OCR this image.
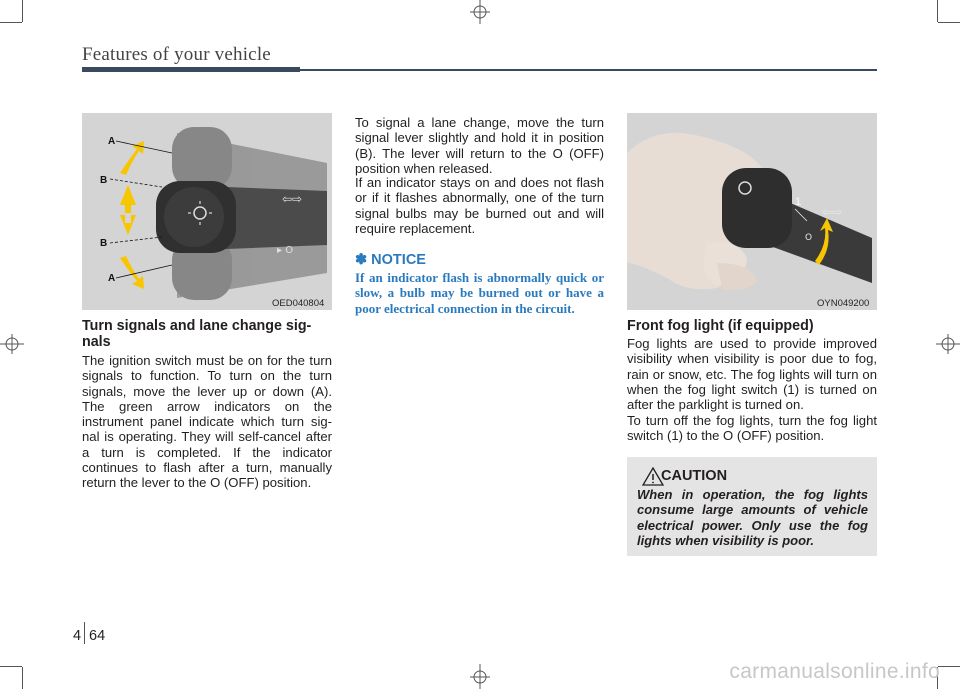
Features of your vehicle
⇦⇨
▸ O
A
B
B
A
OED040804
Turn signals and lane change sig-nals

The ignition switch must be on for the turn signals to function. To turn on the turn signals, move the lever up or down (A). The green arrow indicators on the instrument panel indicate which turn sig-nal is operating. They will self-cancel after a turn is completed. If the indicator continues to flash after a turn, manually return the lever to the O (OFF) position.

To signal a lane change, move the turn signal lever slightly and hold it in position (B). The lever will return to the O (OFF) position when released.

If an indicator stays on and does not flash or if it flashes abnormally, one of the turn signal bulbs may be burned out and will require replacement.

✽ NOTICE
If an indicator flash is abnormally quick or slow, a bulb may be burned out or have a poor electrical connection in the circuit.
⇦⇨
1
O
OYN049200
Front fog light (if equipped)

Fog lights are used to provide improved visibility when visibility is poor due to fog, rain or snow, etc. The fog lights will turn on when the fog light switch (1) is turned on after the parklight is turned on.

To turn off the fog lights, turn the fog light switch (1) to the O (OFF) position.

CAUTION
When in operation, the fog lights consume large amounts of vehicle electrical power. Only use the fog lights when visibility is poor.
4 64
carmanualsonline.info
